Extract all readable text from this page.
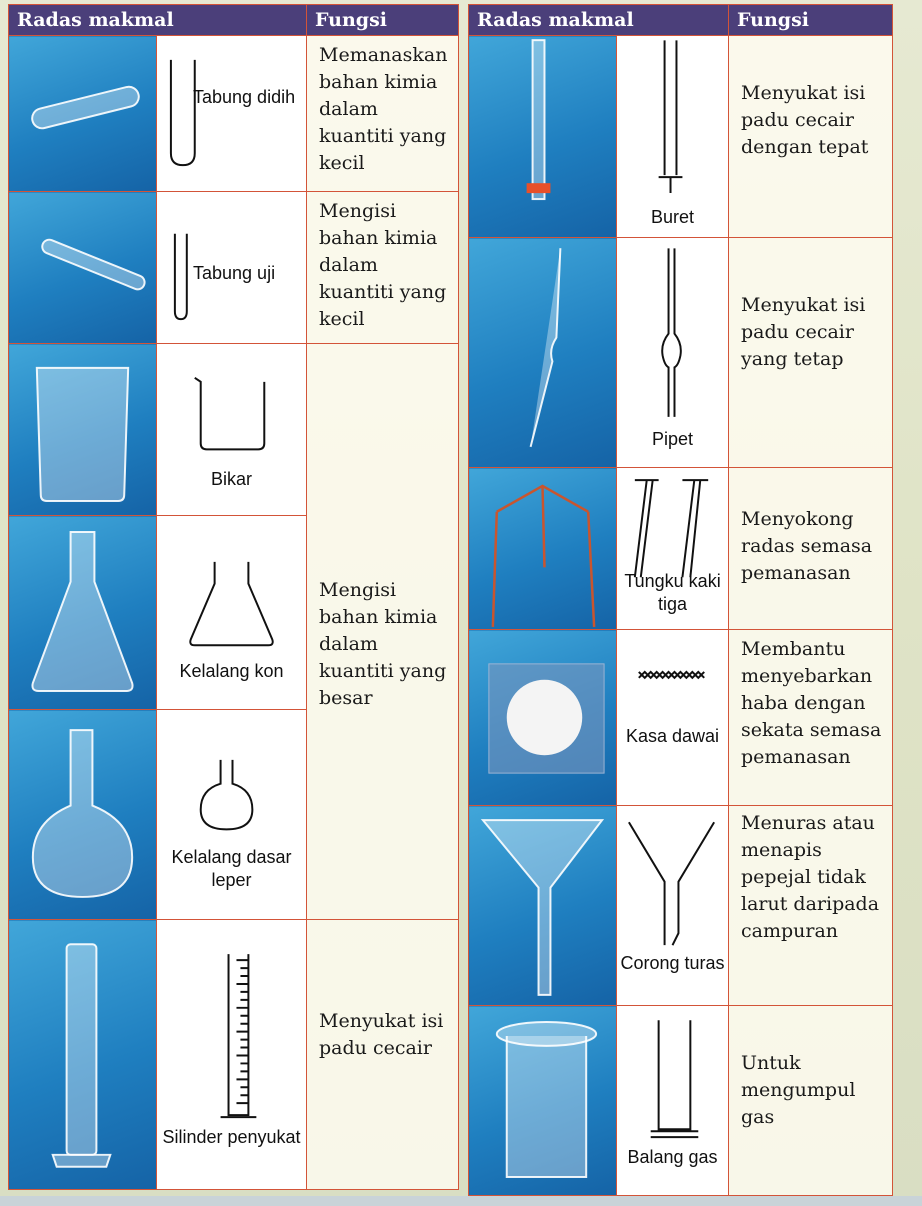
Radas makmal		Fungsi

Tabung didih	Memanaskan bahan kimia dalam kuantiti yang kecil

Tabung uji	Mengisi bahan kimia dalam kuantiti yang kecil

Bikar	Mengisi bahan kimia dalam kuantiti yang besar

Kelalang kon	

Kelalang dasar leper	

Silinder penyukat	Menyukat isi padu cecair
Radas makmal		Fungsi

Buret	Menyukat isi padu cecair dengan tepat

Pipet	Menyukat isi padu cecair yang tetap

Tungku kaki tiga	Menyokong radas semasa pemanasan

Kasa dawai	Membantu menyebarkan haba dengan sekata semasa pemanasan

Corong turas	Menuras atau menapis pepejal tidak larut daripada campuran

Balang gas	Untuk mengumpul gas
